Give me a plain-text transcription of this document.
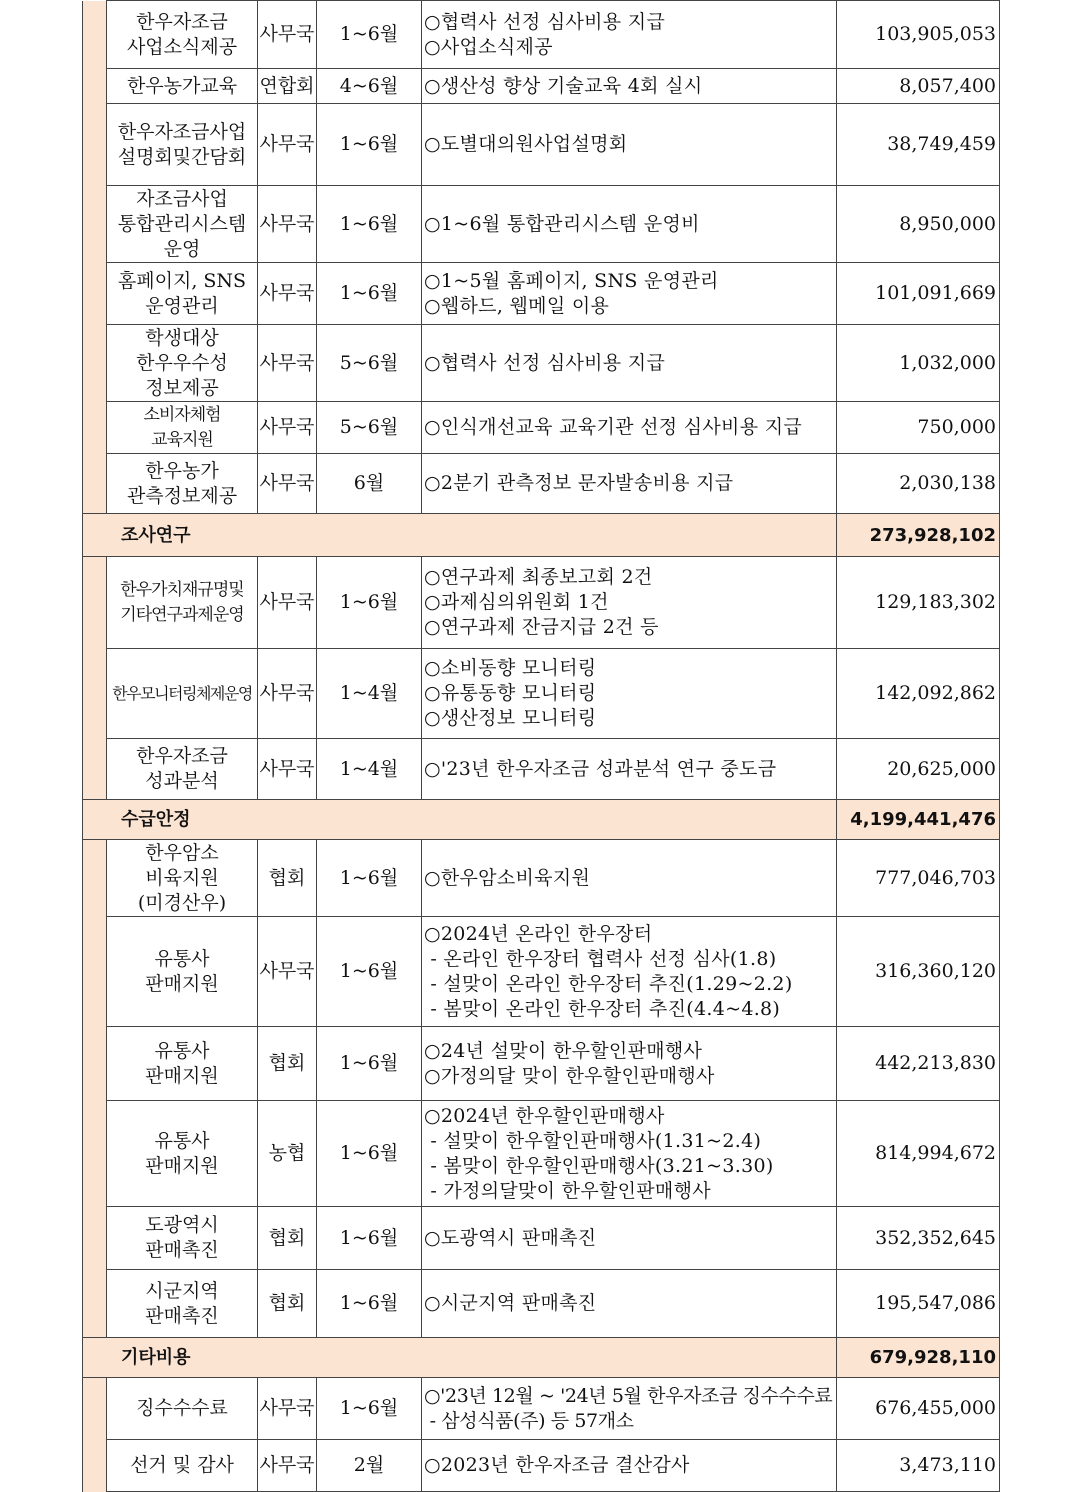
	한우자조금
사업소식제공	사무국	1~6월	○협력사 선정 심사비용 지급
○사업소식제공	103,905,053
	한우농가교육	연합회	4~6월	○생산성 향상 기술교육 4회 실시	8,057,400
	한우자조금사업
설명회및간담회	사무국	1~6월	○도별대의원사업설명회	38,749,459
	자조금사업
통합관리시스템
운영	사무국	1~6월	○1~6월 통합관리시스템 운영비	8,950,000
	홈페이지, SNS
운영관리	사무국	1~6월	○1~5월 홈페이지, SNS 운영관리
○웹하드, 웹메일 이용	101,091,669
	학생대상
한우우수성
정보제공	사무국	5~6월	○협력사 선정 심사비용 지급	1,032,000
	소비자체험
교육지원	사무국	5~6월	○인식개선교육 교육기관 선정 심사비용 지급	750,000
	한우농가
관측정보제공	사무국	6월	○2분기 관측정보 문자발송비용 지급	2,030,138
조사연구					273,928,102
	한우가치재규명및
기타연구과제운영	사무국	1~6월	○연구과제 최종보고회 2건
○과제심의위원회 1건
○연구과제 잔금지급 2건 등	129,183,302
	한우모니터링체제운영	사무국	1~4월	○소비동향 모니터링
○유통동향 모니터링
○생산정보 모니터링	142,092,862
	한우자조금
성과분석	사무국	1~4월	○'23년 한우자조금 성과분석 연구 중도금	20,625,000
수급안정					4,199,441,476
	한우암소
비육지원
(미경산우)	협회	1~6월	○한우암소비육지원	777,046,703
	유통사
판매지원	사무국	1~6월	○2024년 온라인 한우장터
- 온라인 한우장터 협력사 선정 심사(1.8)
- 설맞이 온라인 한우장터 추진(1.29~2.2)
- 봄맞이 온라인 한우장터 추진(4.4~4.8)	316,360,120
	유통사
판매지원	협회	1~6월	○24년 설맞이 한우할인판매행사
○가정의달 맞이 한우할인판매행사	442,213,830
	유통사
판매지원	농협	1~6월	○2024년 한우할인판매행사
- 설맞이 한우할인판매행사(1.31~2.4)
- 봄맞이 한우할인판매행사(3.21~3.30)
- 가정의달맞이 한우할인판매행사	814,994,672
	도광역시
판매촉진	협회	1~6월	○도광역시 판매촉진	352,352,645
	시군지역
판매촉진	협회	1~6월	○시군지역 판매촉진	195,547,086
기타비용					679,928,110
	징수수수료	사무국	1~6월	○'23년 12월 ~ '24년 5월 한우자조금 징수수수료
- 삼성식품(주) 등 57개소	676,455,000
	선거 및 감사	사무국	2월	○2023년 한우자조금 결산감사	3,473,110
